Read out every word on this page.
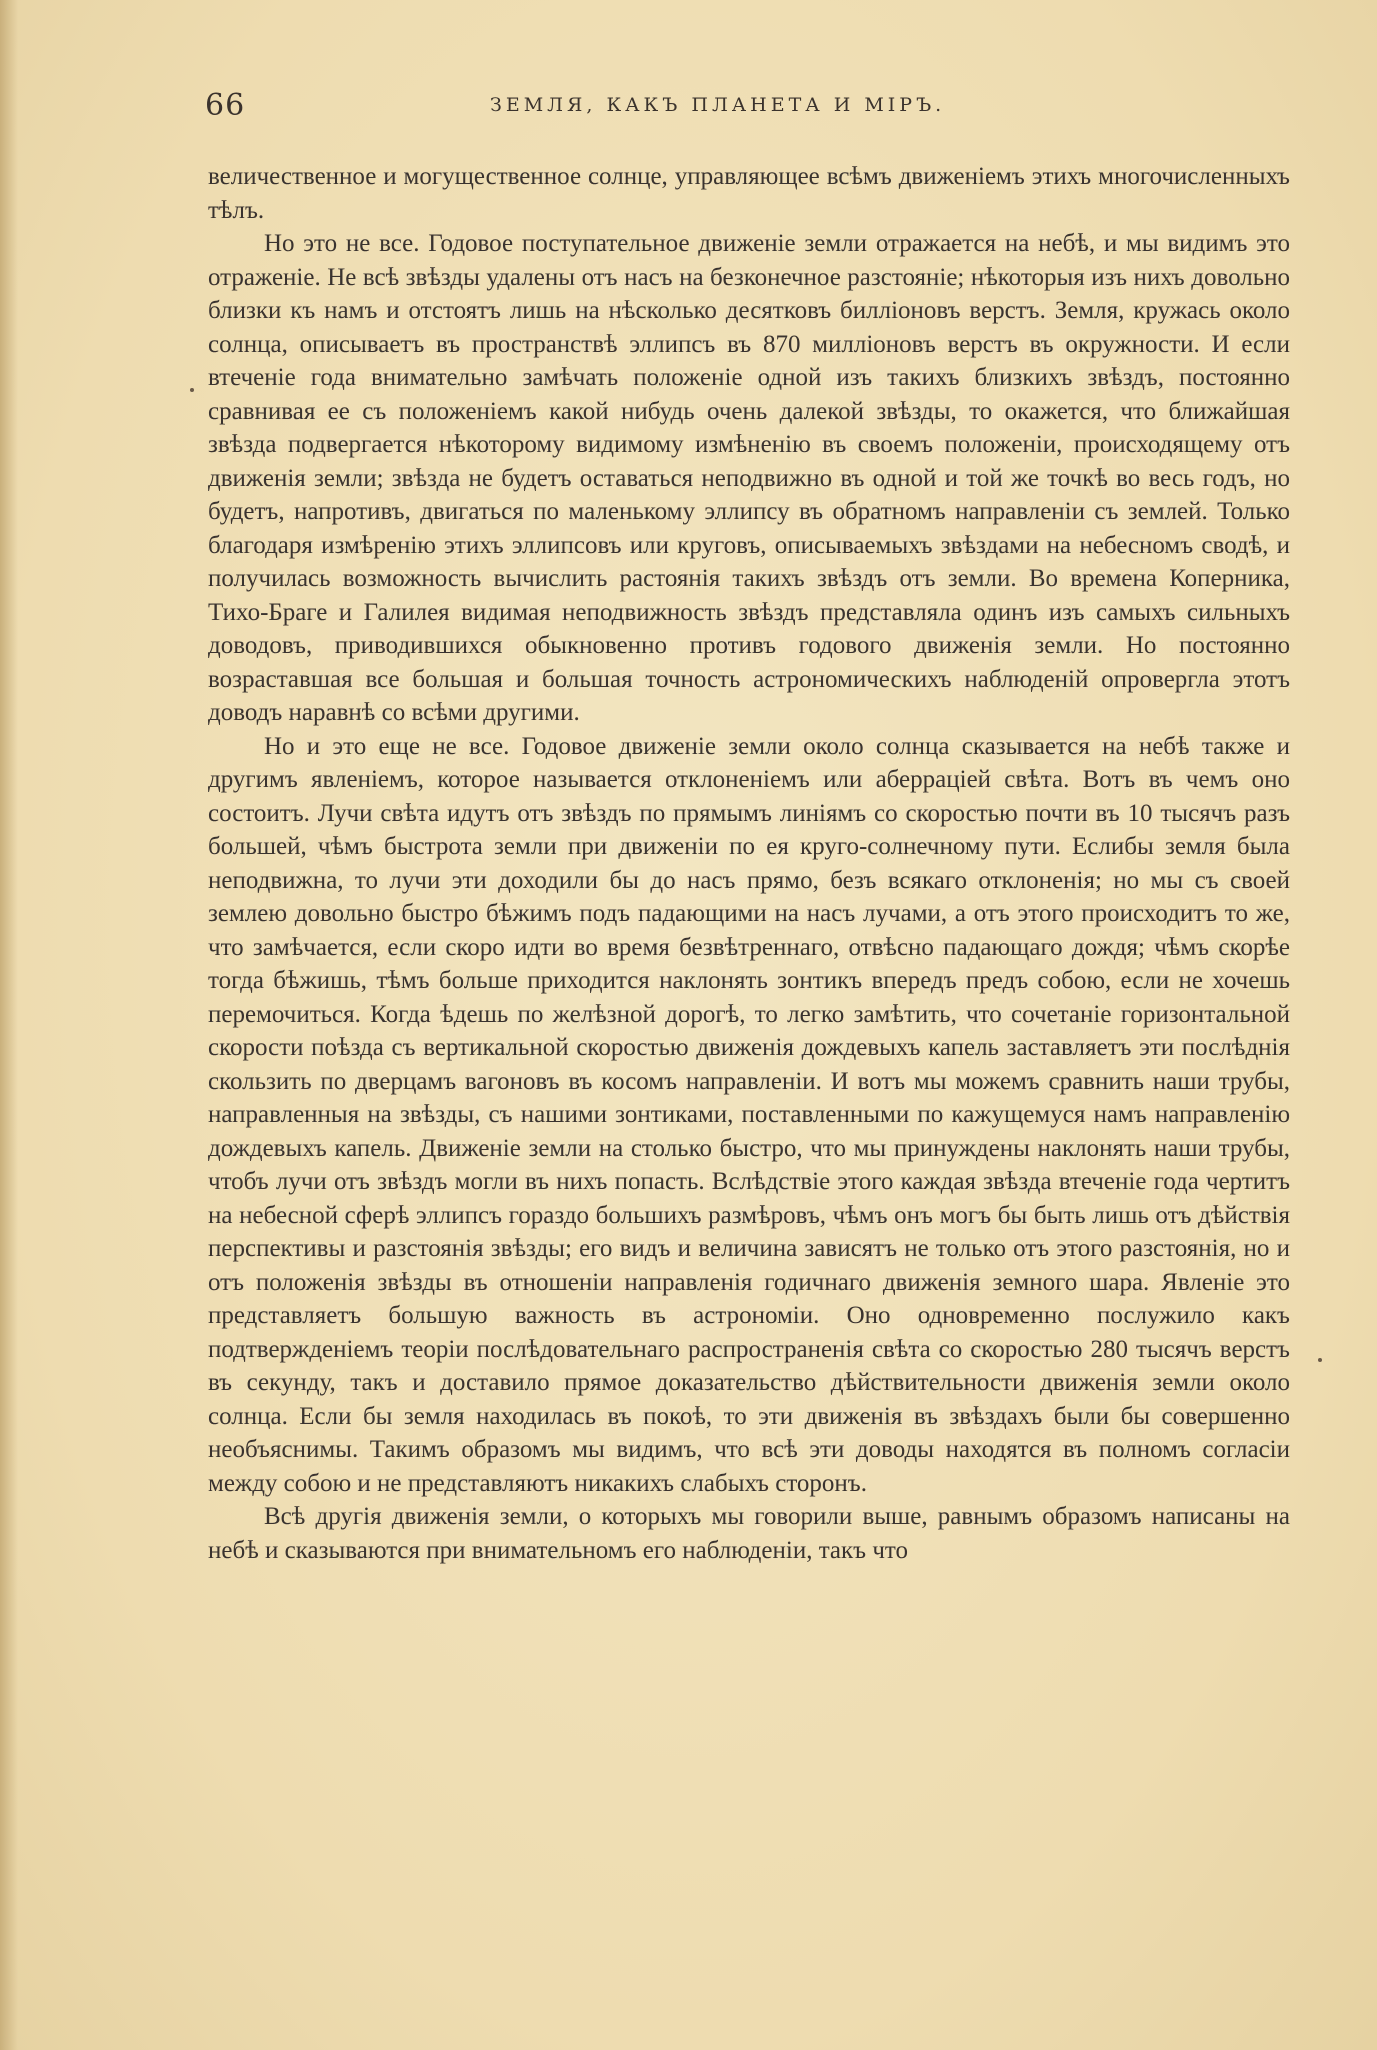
66	ЗЕМЛЯ, КАКЪ ПЛАНЕТА И МІРЪ.

величественное и могущественное солнце, управляющее всѣмъ движеніемъ этихъ многочисленныхъ тѣлъ.

Но это не все. Годовое поступательное движеніе земли отражается на небѣ, и мы видимъ это отраженіе. Не всѣ звѣзды удалены отъ насъ на безконечное разстояніе; нѣкоторыя изъ нихъ довольно близки къ намъ и отстоятъ лишь на нѣсколько десятковъ билліоновъ верстъ. Земля, кружась около солнца, описываетъ въ пространствѣ эллипсъ въ 870 милліоновъ верстъ въ окружности. И если втеченіе года внимательно замѣчать положеніе одной изъ такихъ близкихъ звѣздъ, постоянно сравнивая ее съ положеніемъ какой нибудь очень далекой звѣзды, то окажется, что ближайшая звѣзда подвергается нѣкоторому видимому измѣненію въ своемъ положеніи, происходящему отъ движенія земли; звѣзда не будетъ оставаться неподвижно въ одной и той же точкѣ во весь годъ, но будетъ, напротивъ, двигаться по маленькому эллипсу въ обратномъ направленіи съ землей. Только благодаря измѣренію этихъ эллипсовъ или круговъ, описываемыхъ звѣздами на небесномъ сводѣ, и получилась возможность вычислить растоянія такихъ звѣздъ отъ земли. Во времена Коперника, Тихо-Браге и Галилея видимая неподвижность звѣздъ представляла одинъ изъ самыхъ сильныхъ доводовъ, приводившихся обыкновенно противъ годового движенія земли. Но постоянно возраставшая все большая и большая точность астрономическихъ наблюденій опровергла этотъ доводъ наравнѣ со всѣми другими.

Но и это еще не все. Годовое движеніе земли около солнца сказывается на небѣ также и другимъ явленіемъ, которое называется отклоненіемъ или аберраціей свѣта. Вотъ въ чемъ оно состоитъ. Лучи свѣта идутъ отъ звѣздъ по прямымъ линіямъ со скоростью почти въ 10 тысячъ разъ большей, чѣмъ быстрота земли при движеніи по ея круго-солнечному пути. Еслибы земля была неподвижна, то лучи эти доходили бы до насъ прямо, безъ всякаго отклоненія; но мы съ своей землею довольно быстро бѣжимъ подъ падающими на насъ лучами, а отъ этого происходитъ то же, что замѣчается, если скоро идти во время безвѣтреннаго, отвѣсно падающаго дождя; чѣмъ скорѣе тогда бѣжишь, тѣмъ больше приходится наклонять зонтикъ впередъ предъ собою, если не хочешь перемочиться. Когда ѣдешь по желѣзной дорогѣ, то легко замѣтить, что сочетаніе горизонтальной скорости поѣзда съ вертикальной скоростью движенія дождевыхъ капель заставляетъ эти послѣднія скользить по дверцамъ вагоновъ въ косомъ направленіи. И вотъ мы можемъ сравнить наши трубы, направленныя на звѣзды, съ нашими зонтиками, поставленными по кажущемуся намъ направленію дождевыхъ капель. Движеніе земли на столько быстро, что мы принуждены наклонять наши трубы, чтобъ лучи отъ звѣздъ могли въ нихъ попасть. Вслѣдствіе этого каждая звѣзда втеченіе года чертитъ на небесной сферѣ эллипсъ гораздо большихъ размѣровъ, чѣмъ онъ могъ бы быть лишь отъ дѣйствія перспективы и разстоянія звѣзды; его видъ и величина зависятъ не только отъ этого разстоянія, но и отъ положенія звѣзды въ отношеніи направленія годичнаго движенія земного шара. Явленіе это представляетъ большую важность въ астрономіи. Оно одновременно послужило какъ подтвержденіемъ теоріи послѣдовательнаго распространенія свѣта со скоростью 280 тысячъ верстъ въ секунду, такъ и доставило прямое доказательство дѣйствительности движенія земли около солнца. Если бы земля находилась въ покоѣ, то эти движенія въ звѣздахъ были бы совершенно необъяснимы. Такимъ образомъ мы видимъ, что всѣ эти доводы находятся въ полномъ согласіи между собою и не представляютъ никакихъ слабыхъ сторонъ.

Всѣ другія движенія земли, о которыхъ мы говорили выше, равнымъ образомъ написаны на небѣ и сказываются при внимательномъ его наблюденіи, такъ что
